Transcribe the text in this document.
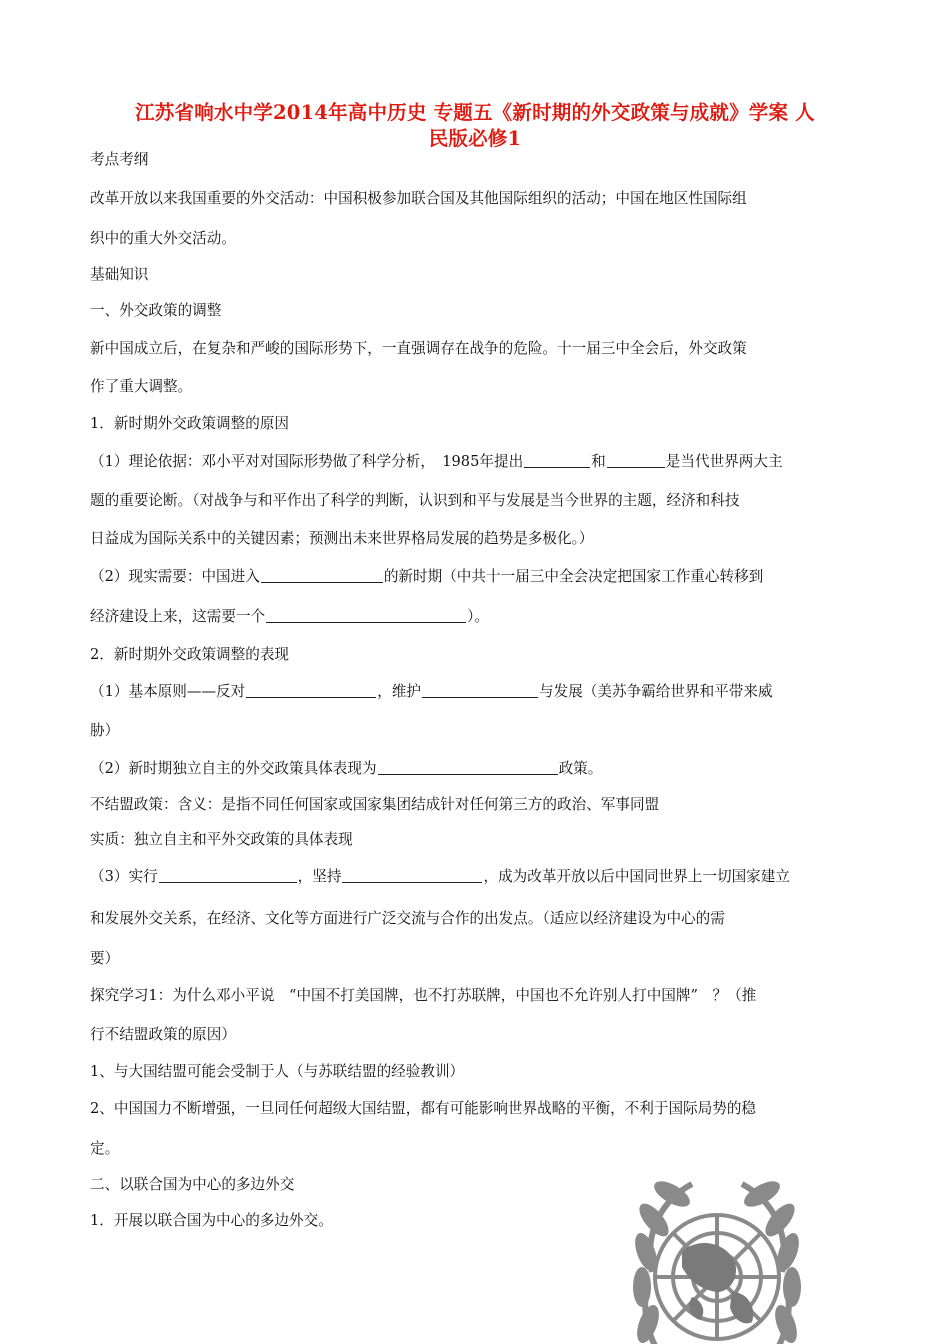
江苏省响水中学2014年高中历史 专题五《新时期的外交政策与成就》学案 人
民版必修1
考点考纲
改革开放以来我国重要的外交活动：中国积极参加联合国及其他国际组织的活动；中国在地区性国际组
织中的重大外交活动。
基础知识
一、外交政策的调整
新中国成立后，在复杂和严峻的国际形势下，一直强调存在战争的危险。十一届三中全会后，外交政策
作了重大调整。
1．新时期外交政策调整的原因
（1）理论依据：邓小平对对国际形势做了科学分析，　1985年提出	和	是当代世界两大主
题的重要论断。（对战争与和平作出了科学的判断，认识到和平与发展是当今世界的主题，经济和科技
日益成为国际关系中的关键因素；预测出未来世界格局发展的趋势是多极化。）
（2）现实需要：中国进入	的新时期（中共十一届三中全会决定把国家工作重心转移到
经济建设上来，这需要一个	）。
2．新时期外交政策调整的表现
（1）基本原则——反对	，维护	与发展（美苏争霸给世界和平带来威
胁）
（2）新时期独立自主的外交政策具体表现为	政策。
不结盟政策：含义：是指不同任何国家或国家集团结成针对任何第三方的政治、军事同盟
实质：独立自主和平外交政策的具体表现
（3）实行	，坚持	，成为改革开放以后中国同世界上一切国家建立
和发展外交关系，在经济、文化等方面进行广泛交流与合作的出发点。（适应以经济建设为中心的需
要）
探究学习1：为什么邓小平说　“中国不打美国牌，也不打苏联牌，中国也不允许别人打中国牌”　？（推
行不结盟政策的原因）
1、与大国结盟可能会受制于人（与苏联结盟的经验教训）
2、中国国力不断增强，一旦同任何超级大国结盟，都有可能影响世界战略的平衡，不利于国际局势的稳
定。
二、以联合国为中心的多边外交
1．开展以联合国为中心的多边外交。
